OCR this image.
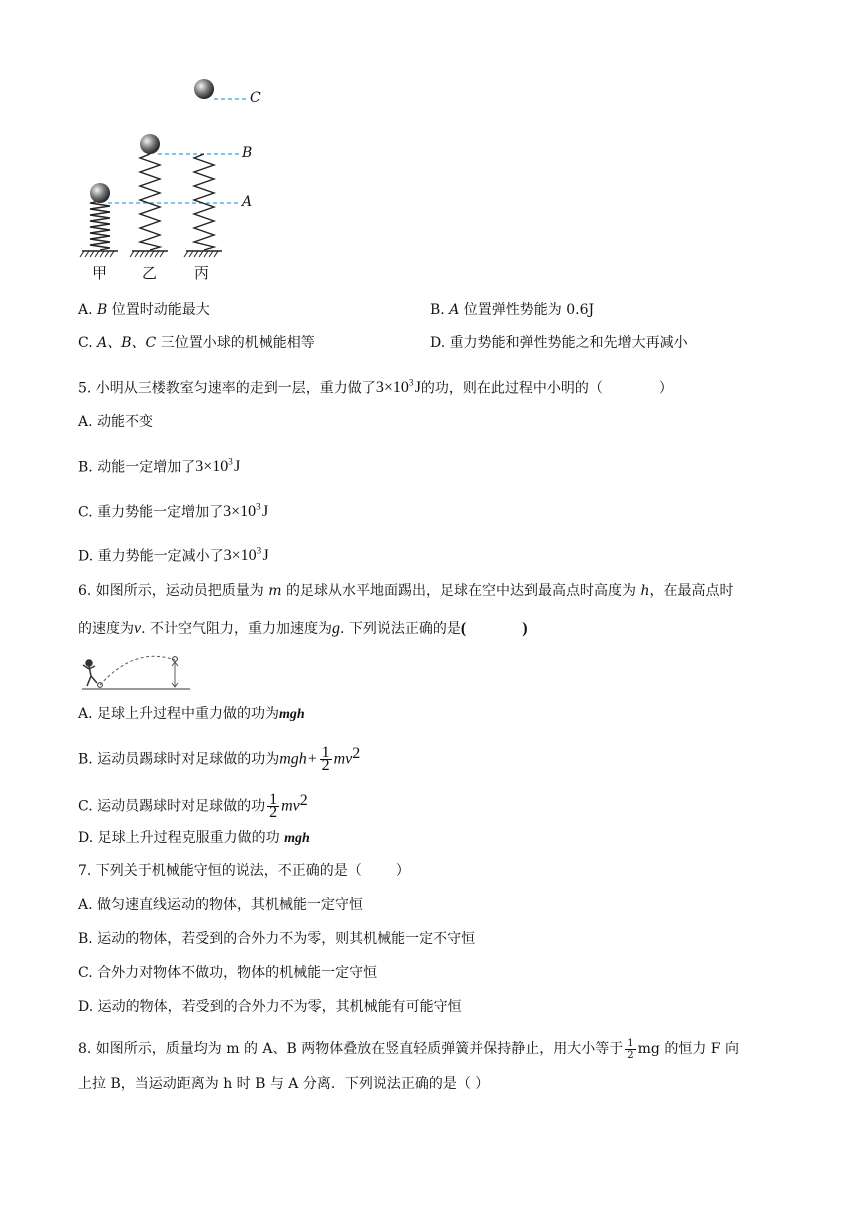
C
B
A
甲 乙 丙
A. B 位置时动能最大	B. A 位置弹性势能为 0.6J
C. A、B、C 三位置小球的机械能相等	D. 重力势能和弹性势能之和先增大再减小
5. 小明从三楼教室匀速率的走到一层，重力做了$3\times 10^3$ J的功，则在此过程中小明的（	）
A. 动能不变
B. 动能一定增加了$3\times 10^3$ J
C. 重力势能一定增加了$3\times 10^3$ J
D. 重力势能一定减小了$3\times 10^3$ J
6. 如图所示，运动员把质量为 m 的足球从水平地面踢出，足球在空中达到最高点时高度为 h，在最高点时
的速度为v. 不计空气阻力，重力加速度为g. 下列说法正确的是(	)
A. 足球上升过程中重力做的功为mgh
B. 运动员踢球时对足球做的功为$mgh+ \frac{1}{2} mv^2$
C. 运动员踢球时对足球做的功 $\frac{1}{2} mv^2$
D. 足球上升过程克服重力做的功 mgh
7. 下列关于机械能守恒的说法，不正确的是（ ）
A. 做匀速直线运动的物体，其机械能一定守恒
B. 运动的物体，若受到的合外力不为零，则其机械能一定不守恒
C. 合外力对物体不做功，物体的机械能一定守恒
D. 运动的物体，若受到的合外力不为零，其机械能有可能守恒
8. 如图所示，质量均为 m 的 A、B 两物体叠放在竖直轻质弹簧并保持静止，用大小等于 $\frac{1}{2}$ mg 的恒力 F 向
上拉 B，当运动距离为 h 时 B 与 A 分离．下列说法正确的是（ ）
